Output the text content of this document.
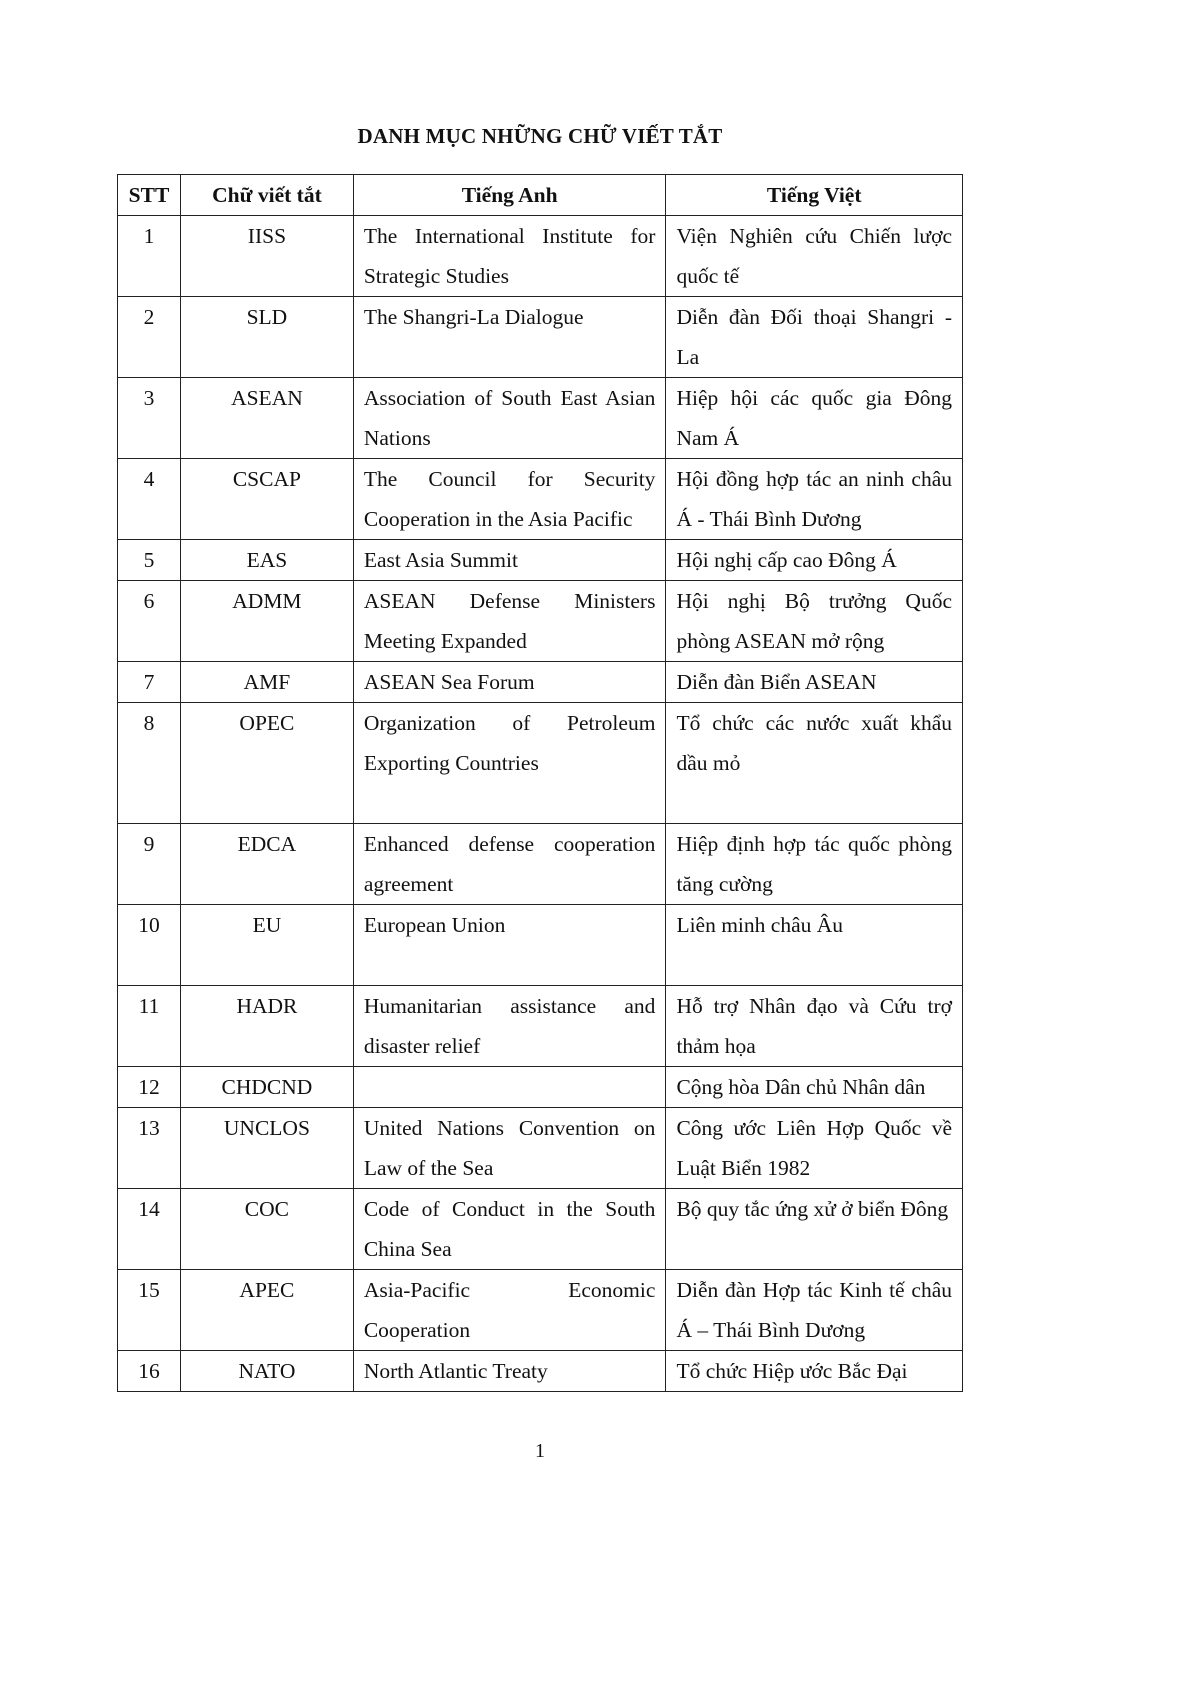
DANH MỤC NHỮNG CHỮ VIẾT TẮT
STT	Chữ viết tắt	Tiếng Anh	Tiếng Việt
1	IISS	The International Institute for Strategic Studies	Viện Nghiên cứu Chiến lược quốc tế
2	SLD	The Shangri-La Dialogue	Diễn đàn Đối thoại Shangri - La
3	ASEAN	Association of South East Asian Nations	Hiệp hội các quốc gia Đông Nam Á
4	CSCAP	The Council for Security Cooperation in the Asia Pacific	Hội đồng hợp tác an ninh châu Á - Thái Bình Dương
5	EAS	East Asia Summit	Hội nghị cấp cao Đông Á
6	ADMM	ASEAN Defense Ministers Meeting Expanded	Hội nghị Bộ trưởng Quốc phòng ASEAN mở rộng
7	AMF	ASEAN Sea Forum	Diễn đàn Biển ASEAN
8	OPEC	Organization of Petroleum Exporting Countries	Tổ chức các nước xuất khẩu dầu mỏ
9	EDCA	Enhanced defense cooperation agreement	Hiệp định hợp tác quốc phòng tăng cường
10	EU	European Union	Liên minh châu Âu
11	HADR	Humanitarian assistance and disaster relief	Hỗ trợ Nhân đạo và Cứu trợ thảm họa
12	CHDCND		Cộng hòa Dân chủ Nhân dân
13	UNCLOS	United Nations Convention on Law of the Sea	Công ước Liên Hợp Quốc về Luật Biển 1982
14	COC	Code of Conduct in the South China Sea	Bộ quy tắc ứng xử ở biển Đông
15	APEC	Asia-Pacific Economic Cooperation	Diễn đàn Hợp tác Kinh tế châu Á – Thái Bình Dương
16	NATO	North Atlantic Treaty	Tổ chức Hiệp ước Bắc Đại
1
